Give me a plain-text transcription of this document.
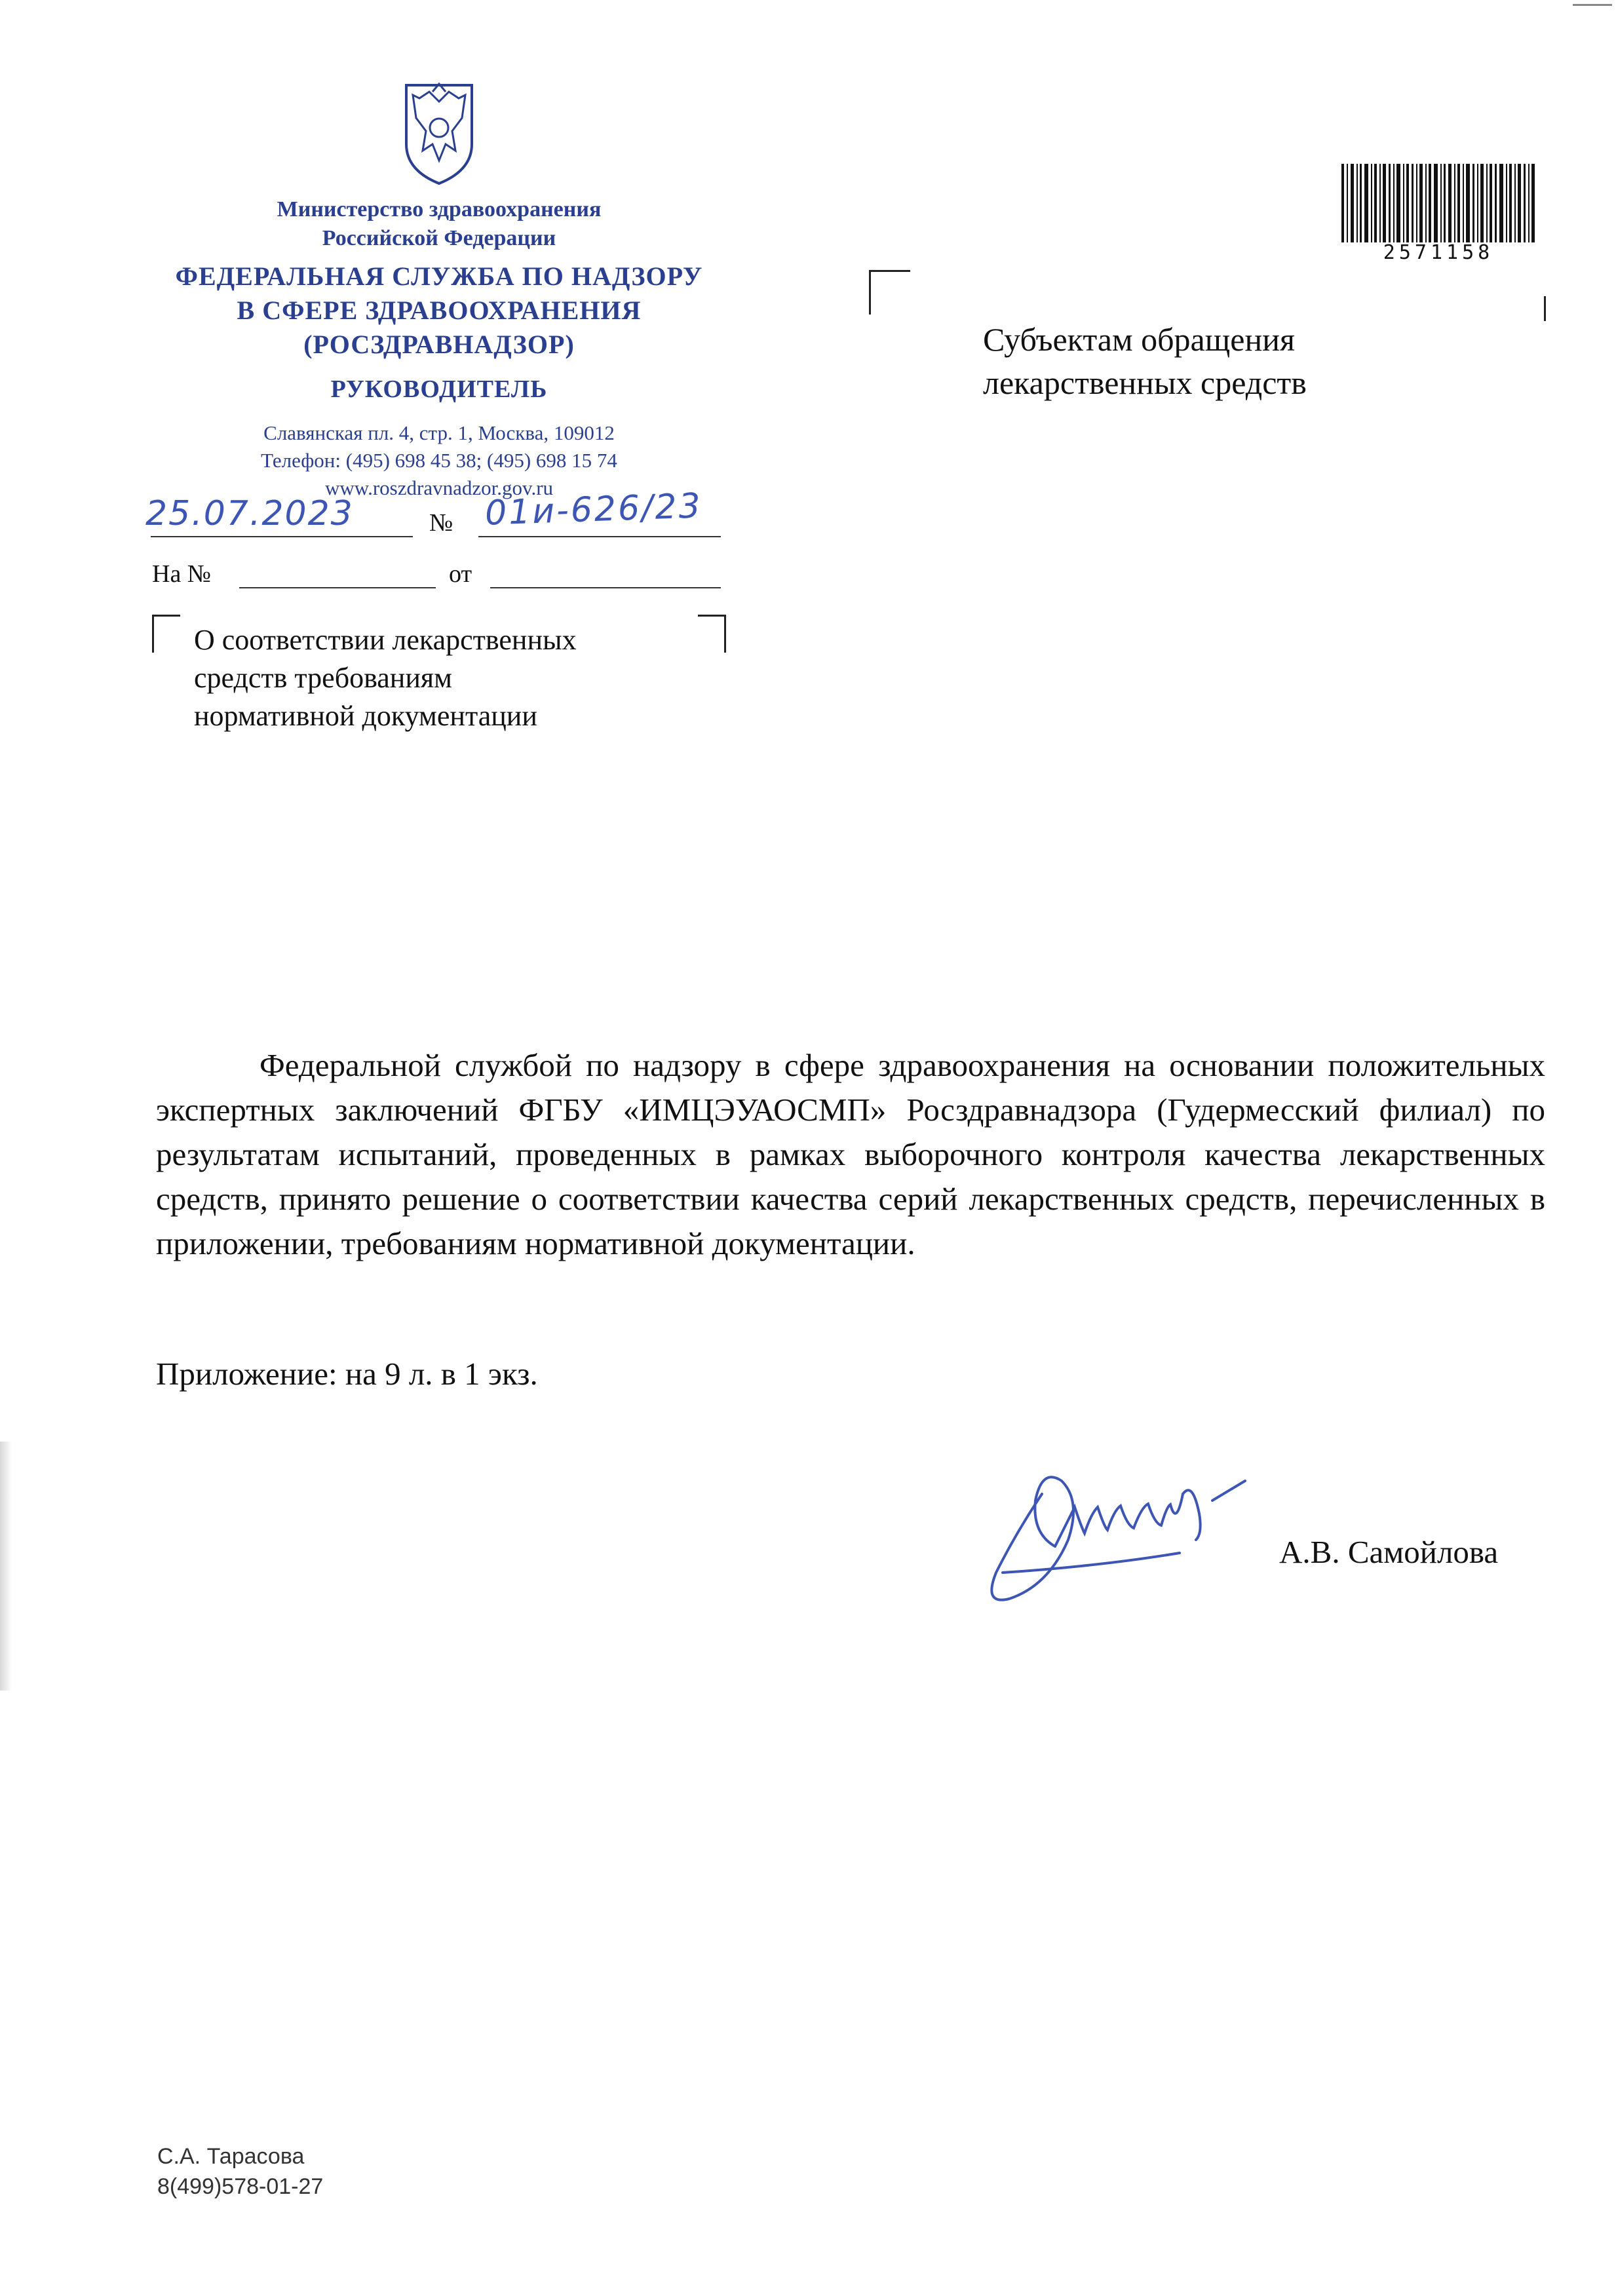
Министерство здравоохранения
Российской Федерации
ФЕДЕРАЛЬНАЯ СЛУЖБА ПО НАДЗОРУ
В СФЕРЕ ЗДРАВООХРАНЕНИЯ
(РОСЗДРАВНАДЗОР)
РУКОВОДИТЕЛЬ
Славянская пл. 4, стр. 1, Москва, 109012
Телефон: (495) 698 45 38; (495) 698 15 74
www.roszdravnadzor.gov.ru
25.07.2023	№ 01и-626/23
На №	от
О соответствии лекарственных
средств требованиям
нормативной документации
Субъектам обращения
лекарственных средств
2571158
Федеральной службой по надзору в сфере здравоохранения на основании положительных экспертных заключений ФГБУ «ИМЦЭУАОСМП» Росздравнадзора (Гудермесский филиал) по результатам испытаний, проведенных в рамках выборочного контроля качества лекарственных средств, принято решение о соответствии качества серий лекарственных средств, перечисленных в приложении, требованиям нормативной документации.
Приложение: на 9 л. в 1 экз.
А.В. Самойлова
С.А. Тарасова
8(499)578-01-27
